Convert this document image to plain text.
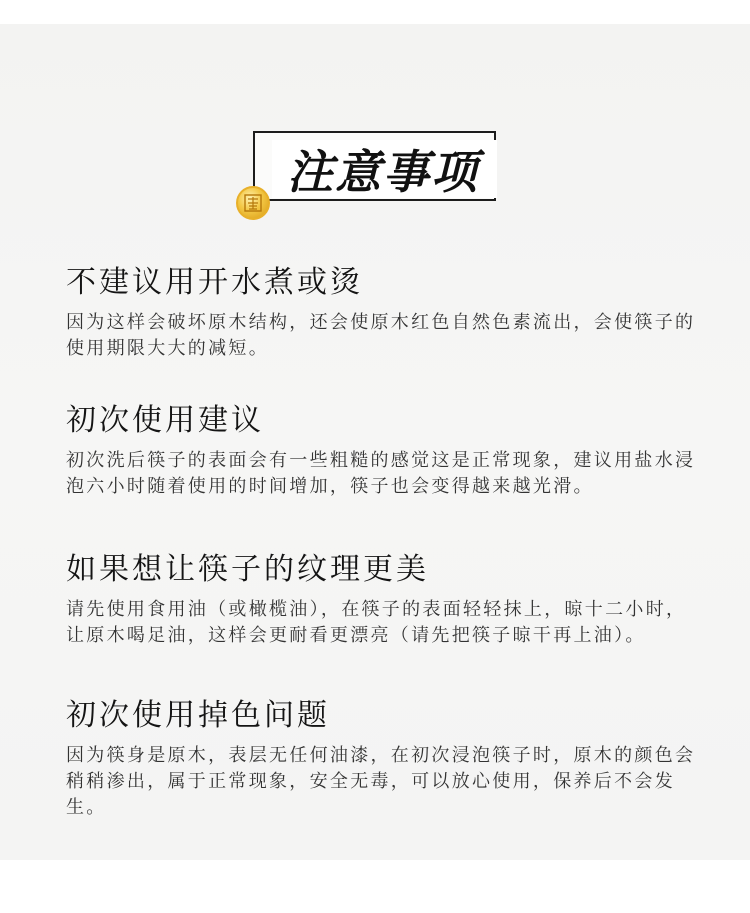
注意事项
不建议用开水煮或烫
因为这样会破坏原木结构，还会使原木红色自然色素流出，会使筷子的使用期限大大的减短。
初次使用建议
初次洗后筷子的表面会有一些粗糙的感觉这是正常现象，建议用盐水浸泡六小时随着使用的时间增加，筷子也会变得越来越光滑。
如果想让筷子的纹理更美
请先使用食用油（或橄榄油），在筷子的表面轻轻抹上，晾十二小时，让原木喝足油，这样会更耐看更漂亮（请先把筷子晾干再上油）。
初次使用掉色问题
因为筷身是原木，表层无任何油漆，在初次浸泡筷子时，原木的颜色会稍稍渗出，属于正常现象，安全无毒，可以放心使用，保养后不会发生。
